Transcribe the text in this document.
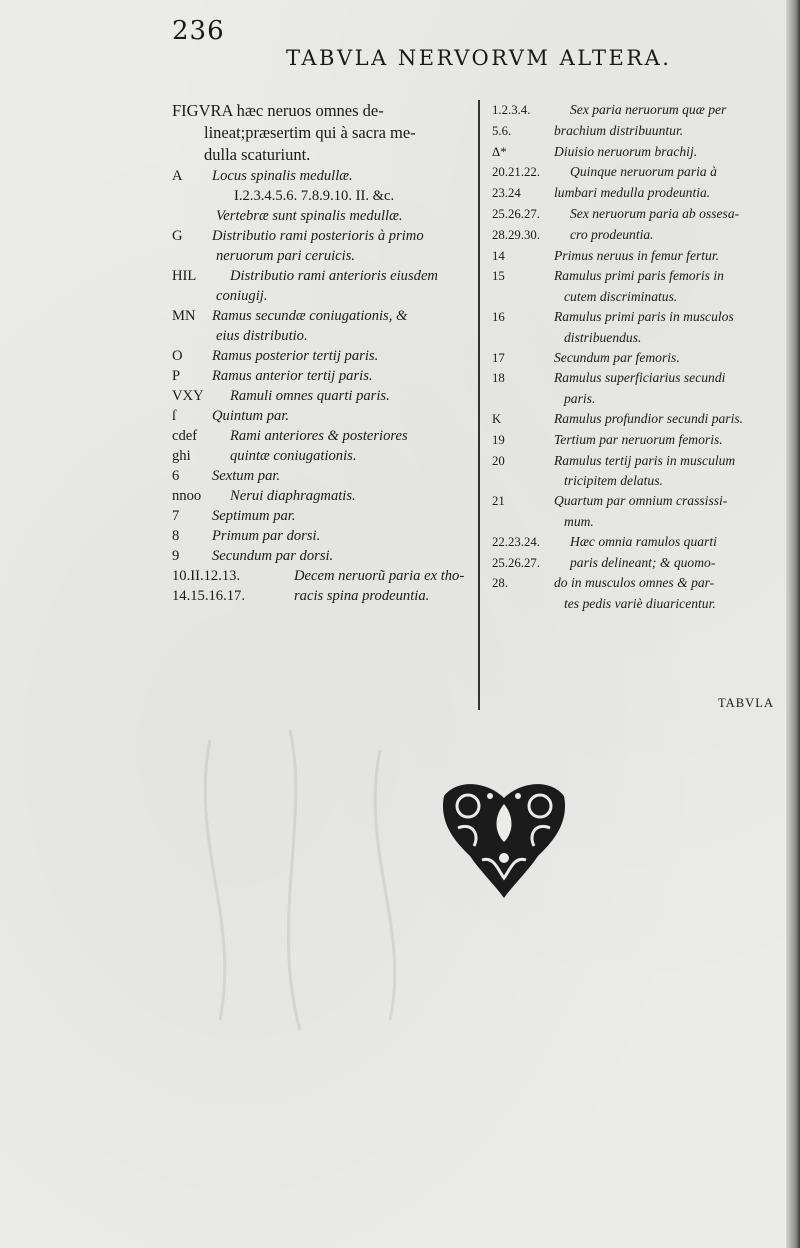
236
TABVLA NERVORVM ALTERA.
FIGVRA hæc neruos omnes de-
lineat;præsertim qui à sacra me-
dulla scaturiunt.
A Locus spinalis medullæ.
I.2.3.4.5.6. 7.8.9.10. II. &c.
Vertebræ sunt spinalis medullæ.
G Distributio rami posterioris à primo
neruorum pari ceruicis.
HIL Distributio rami anterioris eiusdem
coniugij.
MN Ramus secundæ coniugationis, &
eius distributio.
O Ramus posterior tertij paris.
P Ramus anterior tertij paris.
VXY Ramuli omnes quarti paris.
ſ Quintum par.
cdef Rami anteriores & posteriores
ghi	quintæ coniugationis.
6 Sextum par.
nnoo Nerui diaphragmatis.
7 Septimum par.
8 Primum par dorsi.
9 Secundum par dorsi.
10.II.12.13.	Decem neruorũ paria ex tho-
14.15.16.17.	racis spina prodeuntia.
1.2.3.4.	Sex paria neruorum quæ per
5.6.	brachium distribuuntur.
Δ*	Diuisio neruorum brachij.
20.21.22. Quinque neruorum paria à
23.24 lumbari medulla prodeuntia.
25.26.27. Sex neruorum paria ab ossesa-
28.29.30. cro prodeuntia.
14	Primus neruus in femur fertur.
15	Ramulus primi paris femoris in
cutem discriminatus.
16	Ramulus primi paris in musculos
distribuendus.
17	Secundum par femoris.
18	Ramulus superficiarius secundi
paris.
K	Ramulus profundior secundi paris.
19	Tertium par neruorum femoris.
20	Ramulus tertij paris in musculum
tricipitem delatus.
21	Quartum par omnium crassissi-
mum.
22.23.24. Hæc omnia ramulos quarti
25.26.27. paris delineant; & quomo-
28.	do in musculos omnes & par-
tes pedis variè diuaricentur.
TABVLA
